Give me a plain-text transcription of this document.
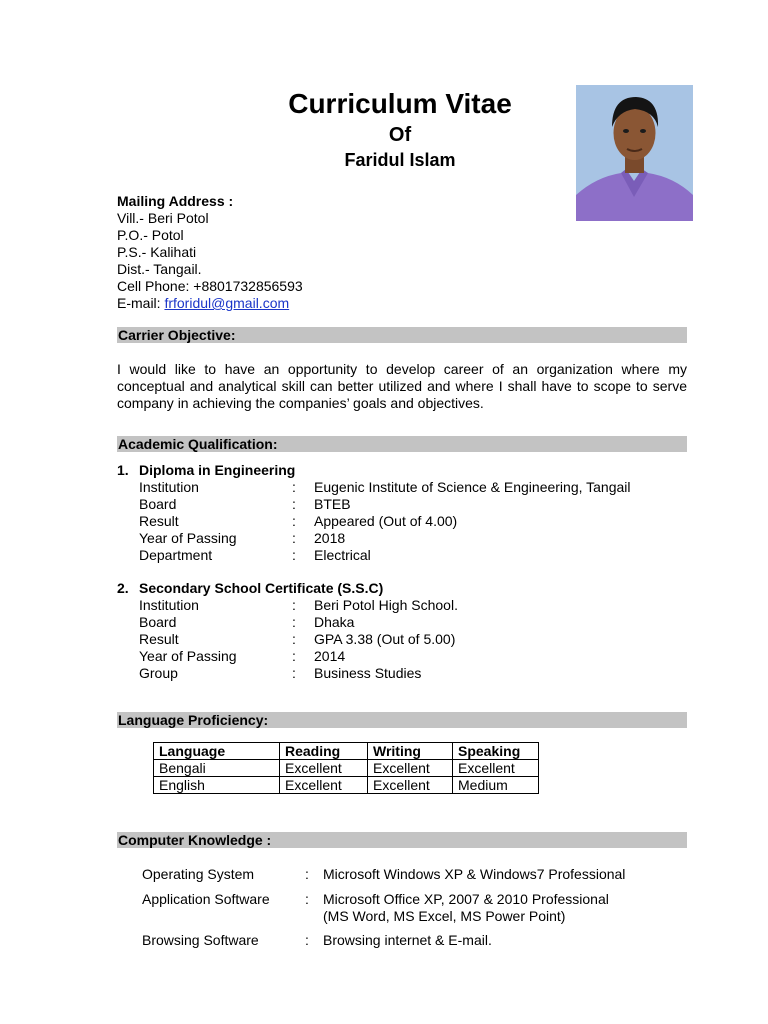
Curriculum Vitae
Of
Faridul Islam
Mailing Address :
Vill.- Beri Potol
P.O.- Potol
P.S.- Kalihati
Dist.- Tangail.
Cell Phone: +8801732856593
E-mail: frforidul@gmail.com
Carrier Objective:
I would like to have an opportunity to develop career of an organization where my conceptual and analytical skill can better utilized and where I shall have to scope to serve company in achieving the companies’ goals and objectives.
Academic Qualification:
1. Diploma in Engineering
Institution	: Eugenic Institute of Science & Engineering, Tangail
Board	: BTEB
Result	: Appeared (Out of 4.00)
Year of Passing	: 2018
Department	: Electrical
2. Secondary School Certificate (S.S.C)
Institution	: Beri Potol High School.
Board	: Dhaka
Result	: GPA 3.38 (Out of 5.00)
Year of Passing	: 2014
Group	: Business Studies
Language Proficiency:
Language	Reading	Writing	Speaking
Bengali	Excellent	Excellent	Excellent
English	Excellent	Excellent	Medium
Computer Knowledge :
Operating System	: Microsoft Windows XP & Windows7 Professional
Application Software	: Microsoft Office XP, 2007 & 2010 Professional
(MS Word, MS Excel, MS Power Point)
Browsing Software	: Browsing internet & E-mail.
